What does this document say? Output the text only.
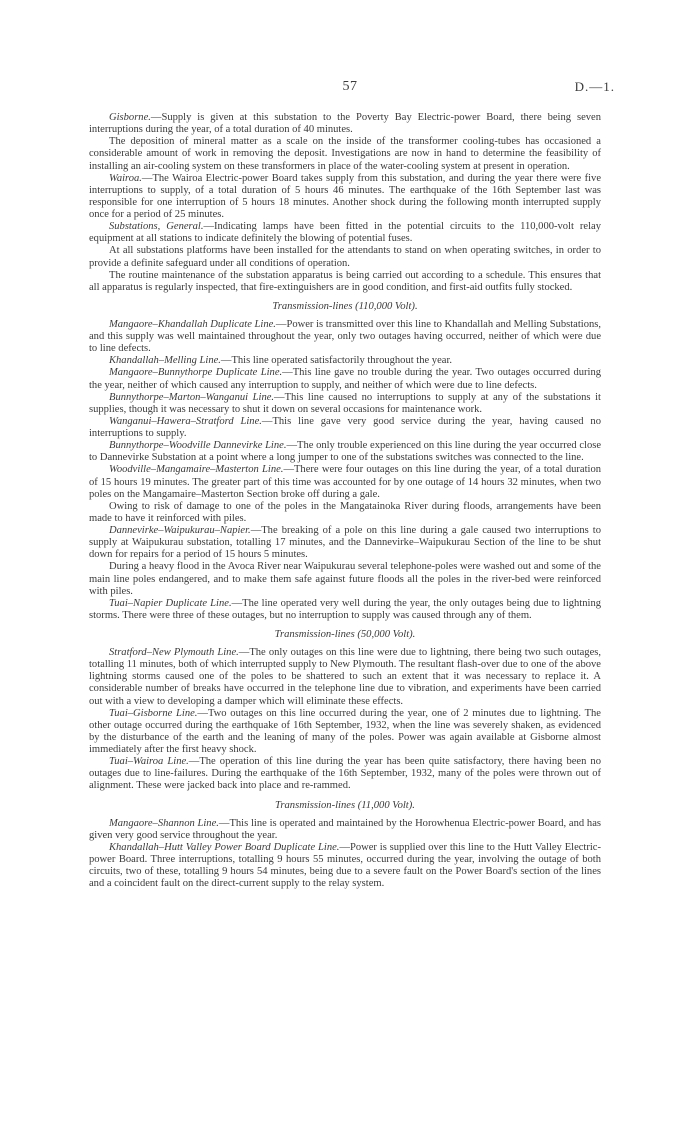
57	D.—1.

Gisborne.—Supply is given at this substation to the Poverty Bay Electric-power Board, there being seven interruptions during the year, of a total duration of 40 minutes.

The deposition of mineral matter as a scale on the inside of the transformer cooling-tubes has occasioned a considerable amount of work in removing the deposit. Investigations are now in hand to determine the feasibility of installing an air-cooling system on these transformers in place of the water-cooling system at present in operation.

Wairoa.—The Wairoa Electric-power Board takes supply from this substation, and during the year there were five interruptions to supply, of a total duration of 5 hours 46 minutes. The earthquake of the 16th September last was responsible for one interruption of 5 hours 18 minutes. Another shock during the following month interrupted supply once for a period of 25 minutes.

Substations, General.—Indicating lamps have been fitted in the potential circuits to the 110,000-volt relay equipment at all stations to indicate definitely the blowing of potential fuses.

At all substations platforms have been installed for the attendants to stand on when operating switches, in order to provide a definite safeguard under all conditions of operation.

The routine maintenance of the substation apparatus is being carried out according to a schedule. This ensures that all apparatus is regularly inspected, that fire-extinguishers are in good condition, and first-aid outfits fully stocked.

Transmission-lines (110,000 Volt).

Mangaore–Khandallah Duplicate Line.—Power is transmitted over this line to Khandallah and Melling Substations, and this supply was well maintained throughout the year, only two outages having occurred, neither of which were due to line defects.

Khandallah–Melling Line.—This line operated satisfactorily throughout the year.

Mangaore–Bunnythorpe Duplicate Line.—This line gave no trouble during the year. Two outages occurred during the year, neither of which caused any interruption to supply, and neither of which were due to line defects.

Bunnythorpe–Marton–Wanganui Line.—This line caused no interruptions to supply at any of the substations it supplies, though it was necessary to shut it down on several occasions for maintenance work.

Wanganui–Hawera–Stratford Line.—This line gave very good service during the year, having caused no interruptions to supply.

Bunnythorpe–Woodville Dannevirke Line.—The only trouble experienced on this line during the year occurred close to Dannevirke Substation at a point where a long jumper to one of the substations switches was connected to the line.

Woodville–Mangamaire–Masterton Line.—There were four outages on this line during the year, of a total duration of 15 hours 19 minutes. The greater part of this time was accounted for by one outage of 14 hours 32 minutes, when two poles on the Mangamaire–Masterton Section broke off during a gale.

Owing to risk of damage to one of the poles in the Mangatainoka River during floods, arrangements have been made to have it reinforced with piles.

Dannevirke–Waipukurau–Napier.—The breaking of a pole on this line during a gale caused two interruptions to supply at Waipukurau substation, totalling 17 minutes, and the Dannevirke–Waipukurau Section of the line to be shut down for repairs for a period of 15 hours 5 minutes.

During a heavy flood in the Avoca River near Waipukurau several telephone-poles were washed out and some of the main line poles endangered, and to make them safe against future floods all the poles in the river-bed were reinforced with piles.

Tuai–Napier Duplicate Line.—The line operated very well during the year, the only outages being due to lightning storms. There were three of these outages, but no interruption to supply was caused through any of them.

Transmission-lines (50,000 Volt).

Stratford–New Plymouth Line.—The only outages on this line were due to lightning, there being two such outages, totalling 11 minutes, both of which interrupted supply to New Plymouth. The resultant flash-over due to one of the above lightning storms caused one of the poles to be shattered to such an extent that it was necessary to replace it. A considerable number of breaks have occurred in the telephone line due to vibration, and experiments have been carried out with a view to developing a damper which will eliminate these effects.

Tuai–Gisborne Line.—Two outages on this line occurred during the year, one of 2 minutes due to lightning. The other outage occurred during the earthquake of 16th September, 1932, when the line was severely shaken, as evidenced by the disturbance of the earth and the leaning of many of the poles. Power was again available at Gisborne almost immediately after the first heavy shock.

Tuai–Wairoa Line.—The operation of this line during the year has been quite satisfactory, there having been no outages due to line-failures. During the earthquake of the 16th September, 1932, many of the poles were thrown out of alignment. These were jacked back into place and re-rammed.

Transmission-lines (11,000 Volt).

Mangaore–Shannon Line.—This line is operated and maintained by the Horowhenua Electric-power Board, and has given very good service throughout the year.

Khandallah–Hutt Valley Power Board Duplicate Line.—Power is supplied over this line to the Hutt Valley Electric-power Board. Three interruptions, totalling 9 hours 55 minutes, occurred during the year, involving the outage of both circuits, two of these, totalling 9 hours 54 minutes, being due to a severe fault on the Power Board's section of the lines and a coincident fault on the direct-current supply to the relay system.
